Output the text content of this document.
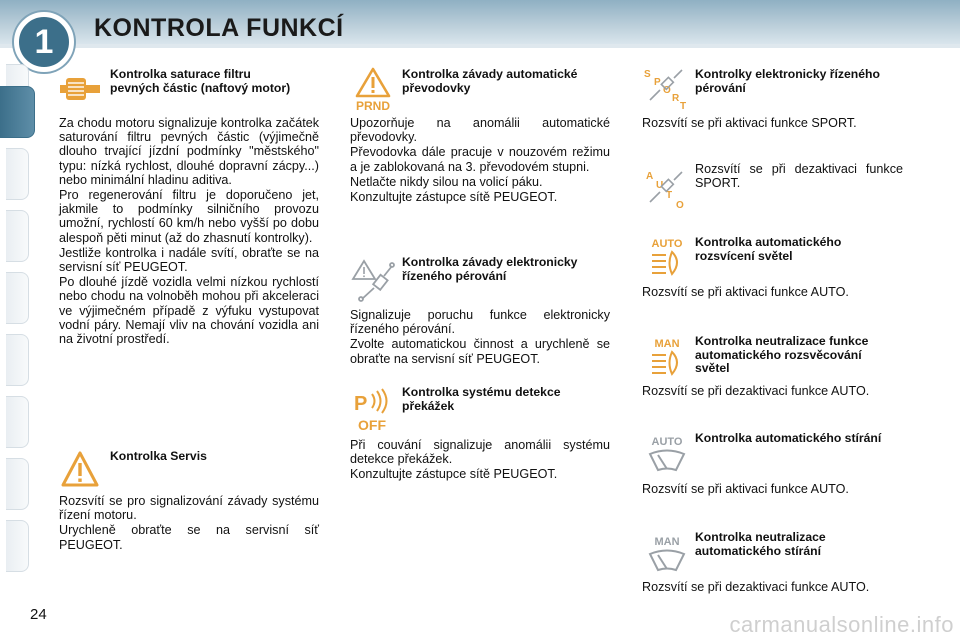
1 KONTROLA FUNKCÍ
Kontrolka saturace filtru pevných částic (naftový motor)

Za chodu motoru signalizuje kontrolka začátek saturování filtru pevných částic (výjimečně dlouho trvající jízdní podmínky "městského" typu: nízká rychlost, dlouhé dopravní zácpy...) nebo minimální hladinu aditiva.

Pro regenerování filtru je doporučeno jet, jakmile to podmínky silničního provozu umožní, rychlostí 60 km/h nebo vyšší po dobu alespoň pěti minut (až do zhasnutí kontrolky).

Jestliže kontrolka i nadále svítí, obraťte se na servisní síť PEUGEOT.

Po dlouhé jízdě vozidla velmi nízkou rychlostí nebo chodu na volnoběh mohou při akceleraci ve výjimečném případě z výfuku vystupovat vodní páry. Nemají vliv na chování vozidla ani na životní prostředí.

Kontrolka Servis

Rozsvítí se pro signalizování závady systému řízení motoru.

Urychleně obraťte se na servisní síť PEUGEOT.

PRND
Kontrolka závady automatické převodovky

Upozorňuje na anomálii automatické převodovky.

Převodovka dále pracuje v nouzovém režimu a je zablokovaná na 3. převodovém stupni.

Netlačte nikdy silou na volicí páku.

Konzultujte zástupce sítě PEUGEOT.

Kontrolka závady elektronicky řízeného pérování

Signalizuje poruchu funkce elektronicky řízeného pérování.

Zvolte automatickou činnost a urychleně se obraťte na servisní síť PEUGEOT.

P
OFF
Kontrolka systému detekce překážek

Při couvání signalizuje anomálii systému detekce překážek.

Konzultujte zástupce sítě PEUGEOT.

S
P
O
R
T
Kontrolky elektronicky řízeného pérování

Rozsvítí se při aktivaci funkce SPORT.

A
U
T
O

Rozsvítí se při dezaktivaci funkce SPORT.

AUTO Kontrolka automatického rozsvícení světel

Rozsvítí se při aktivaci funkce AUTO.

MAN Kontrolka neutralizace funkce automatického rozsvěcování světel

Rozsvítí se při dezaktivaci funkce AUTO.

AUTO Kontrolka automatického stírání

Rozsvítí se při aktivaci funkce AUTO.

MAN Kontrolka neutralizace automatického stírání

Rozsvítí se při dezaktivaci funkce AUTO.

24	carmanualsonline.info
